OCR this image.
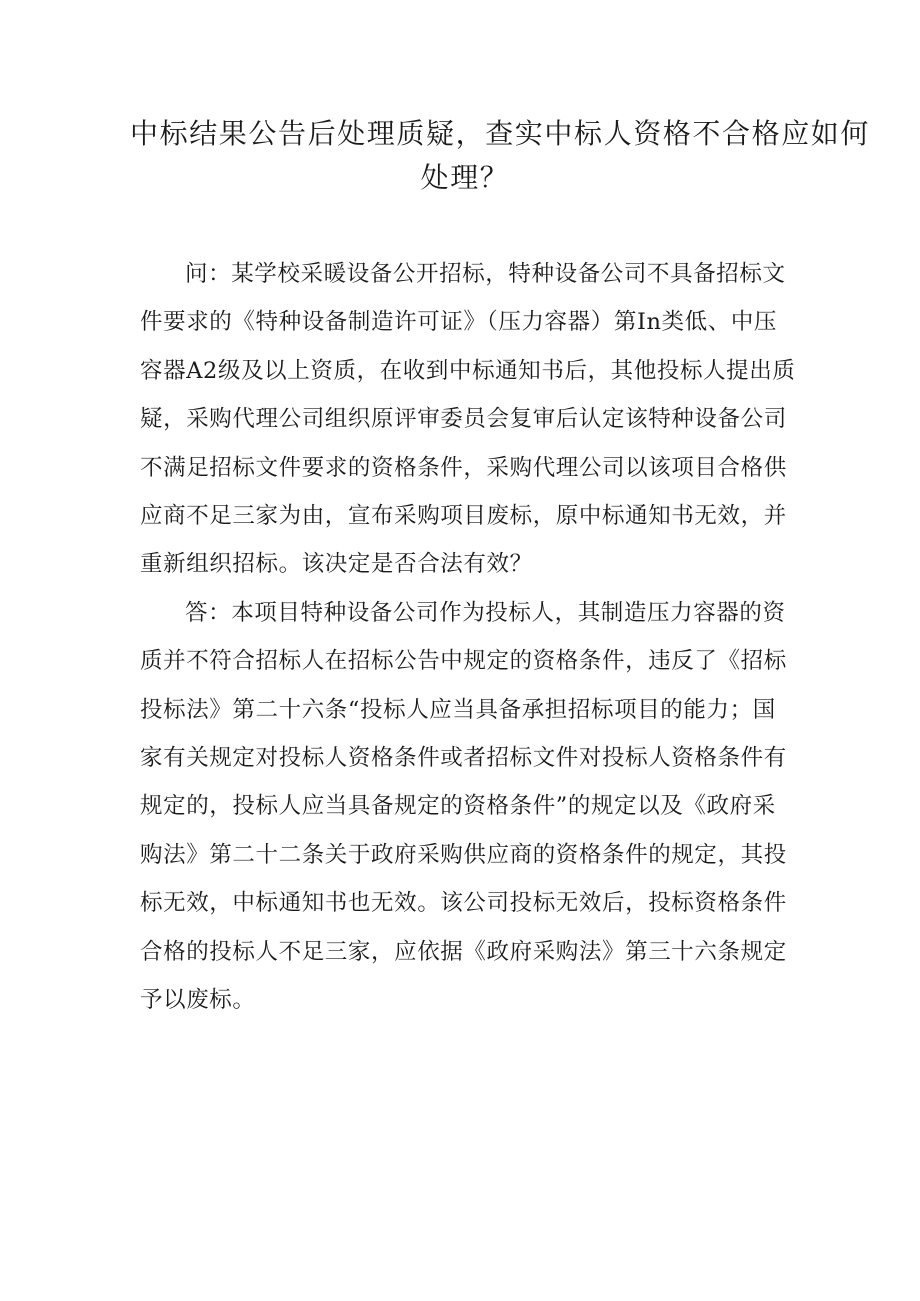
中标结果公告后处理质疑，查实中标人资格不合格应如何
处理？

问：某学校采暖设备公开招标，特种设备公司不具备招标文
件要求的《特种设备制造许可证》（压力容器）第In类低、中压
容器A2级及以上资质，在收到中标通知书后，其他投标人提出质
疑，采购代理公司组织原评审委员会复审后认定该特种设备公司
不满足招标文件要求的资格条件，采购代理公司以该项目合格供
应商不足三家为由，宣布采购项目废标，原中标通知书无效，并
重新组织招标。该决定是否合法有效？

答：本项目特种设备公司作为投标人，其制造压力容器的资
质并不符合招标人在招标公告中规定的资格条件，违反了《招标
投标法》第二十六条“投标人应当具备承担招标项目的能力；国
家有关规定对投标人资格条件或者招标文件对投标人资格条件有
规定的，投标人应当具备规定的资格条件”的规定以及《政府采
购法》第二十二条关于政府采购供应商的资格条件的规定，其投
标无效，中标通知书也无效。该公司投标无效后，投标资格条件
合格的投标人不足三家，应依据《政府采购法》第三十六条规定
予以废标。
